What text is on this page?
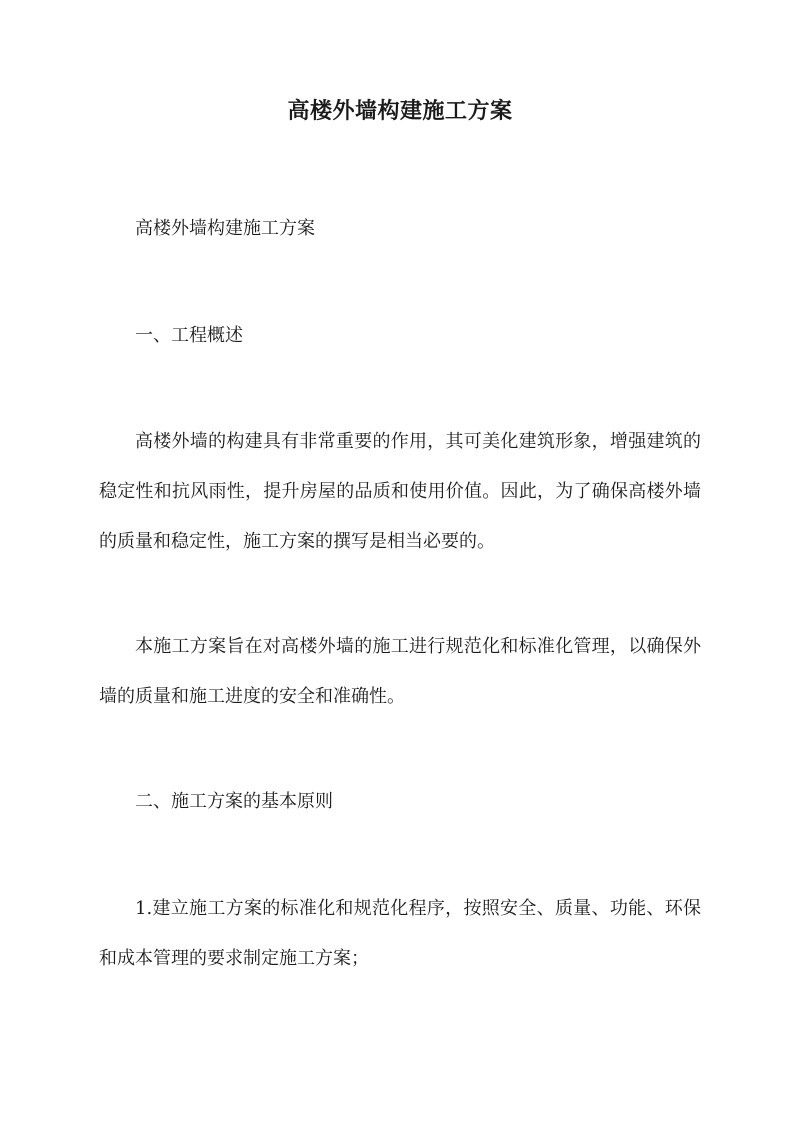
高楼外墙构建施工方案
高楼外墙构建施工方案
一、工程概述
高楼外墙的构建具有非常重要的作用，其可美化建筑形象，增强建筑的稳定性和抗风雨性，提升房屋的品质和使用价值。因此，为了确保高楼外墙的质量和稳定性，施工方案的撰写是相当必要的。
本施工方案旨在对高楼外墙的施工进行规范化和标准化管理，以确保外墙的质量和施工进度的安全和准确性。
二、施工方案的基本原则
1.建立施工方案的标准化和规范化程序，按照安全、质量、功能、环保和成本管理的要求制定施工方案；
